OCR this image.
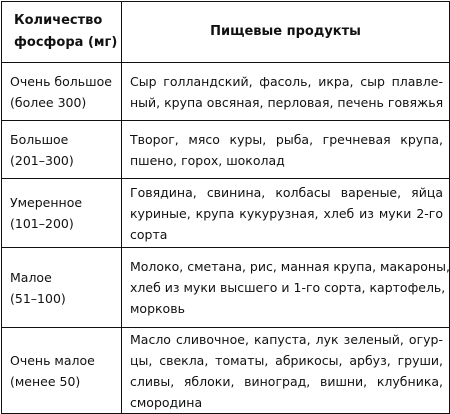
Количество
фосфора (мг)	Пищевые продукты

Очень большое
(более 300)	Сыр голландский, фасоль, икра, сыр плавле-
ный, крупа овсяная, перловая, печень говяжья

Большое
(201–300)	Творог, мясо куры, рыба, гречневая крупа,
пшено, горох, шоколад

Умеренное
(101–200)	Говядина, свинина, колбасы вареные, яйца
куриные, крупа кукурузная, хлеб из муки 2-го
сорта

Малое
(51–100)	Молоко, сметана, рис, манная крупа, макароны,
хлеб из муки высшего и 1-го сорта, картофель,
морковь

Очень малое
(менее 50)	Масло сливочное, капуста, лук зеленый, огур-
цы, свекла, томаты, абрикосы, арбуз, груши,
сливы, яблоки, виноград, вишни, клубника,
смородина
